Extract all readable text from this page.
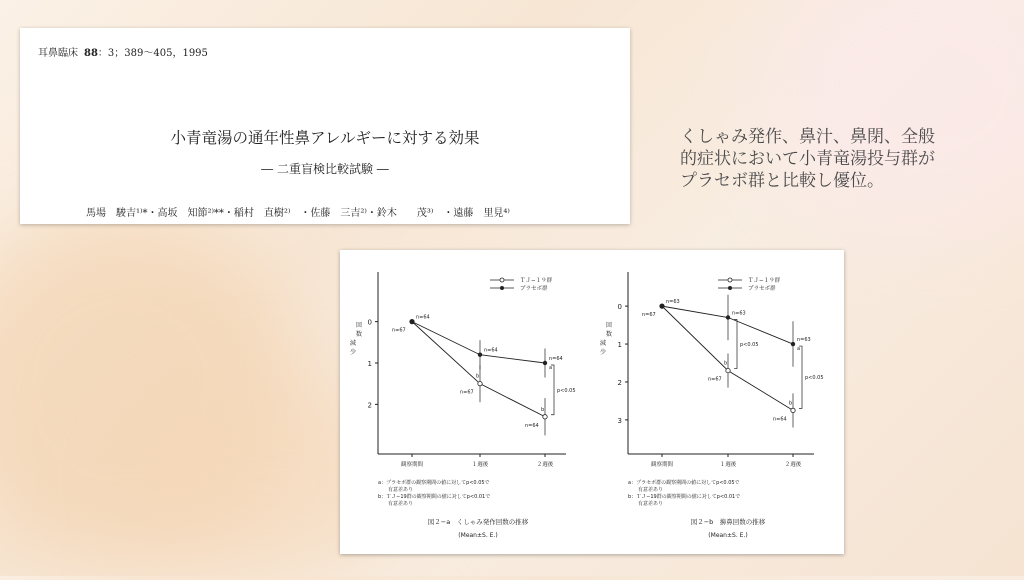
耳鼻臨床 88：3；389〜405，1995
小青竜湯の通年性鼻アレルギーに対する効果
― 二重盲検比較試験 ―
馬場　駿吉¹⁾*・高坂　知節²⁾**・稲村　直樹²⁾　・佐藤　三吉²⁾・鈴木　　茂³⁾　・遠藤　里見⁴⁾
くしゃみ発作、鼻汁、鼻閉、全般
的症状において小青竜湯投与群が
プラセボ群と比較し優位。
0
1
2
減
少
回
数
観察期間	１週後	２週後
ＴＪ−１９群
プラセボ群
n=67
n=67
b
n=64
b
n=64
n=64
n=64
a
p<0.05
a：プラセボ群の観察期間の値に対してp<0.05で
　　有意差あり
b：ＴＪ−19群の観察期間の値に対してp<0.01で
　　有意差あり
図２−a　くしゃみ発作回数の推移
(Mean±S. E.)
0
1
2
3
減
少
回
数
観察期間	１週後	２週後
ＴＪ−１９群
プラセボ群
n=67
n=67
b
n=64
b
n=63
n=63
n=63
a
p<0.05
p<0.05
a：プラセボ群の観察期間の値に対してp<0.05で
　　有意差あり
b：ＴＪ−19群の観察期間の値に対してp<0.01で
　　有意差あり
図２−b　擤鼻回数の推移
(Mean±S. E.)
